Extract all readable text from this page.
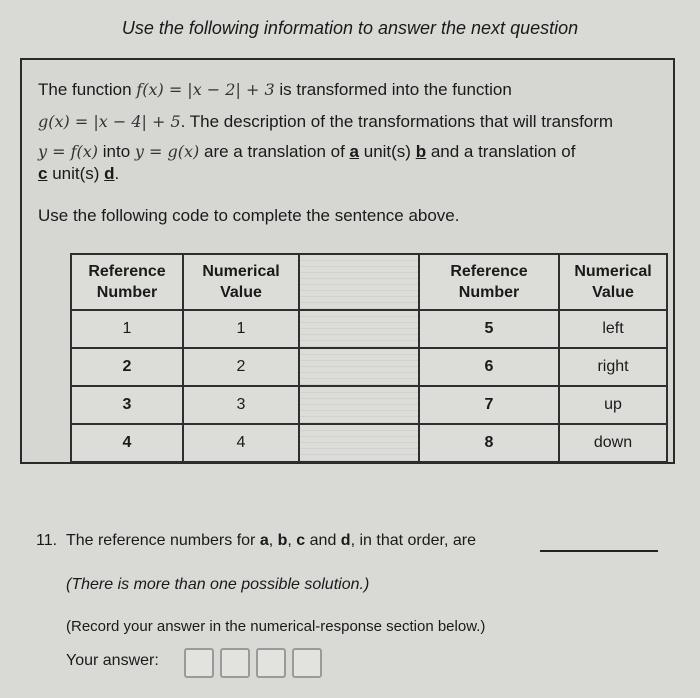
Use the following information to answer the next question
The function f(x) = |x − 2| + 3 is transformed into the function
g(x) = |x − 4| + 5. The description of the transformations that will transform
y = f(x) into y = g(x) are a translation of a unit(s) b and a translation of
c unit(s) d.
Use the following code to complete the sentence above.
Reference Number	Numerical Value		Reference Number	Numerical Value
1	1		5	left
2	2		6	right
3	3		7	up
4	4		8	down
11. The reference numbers for a, b, c and d, in that order, are
(There is more than one possible solution.)
(Record your answer in the numerical-response section below.)
Your answer:
